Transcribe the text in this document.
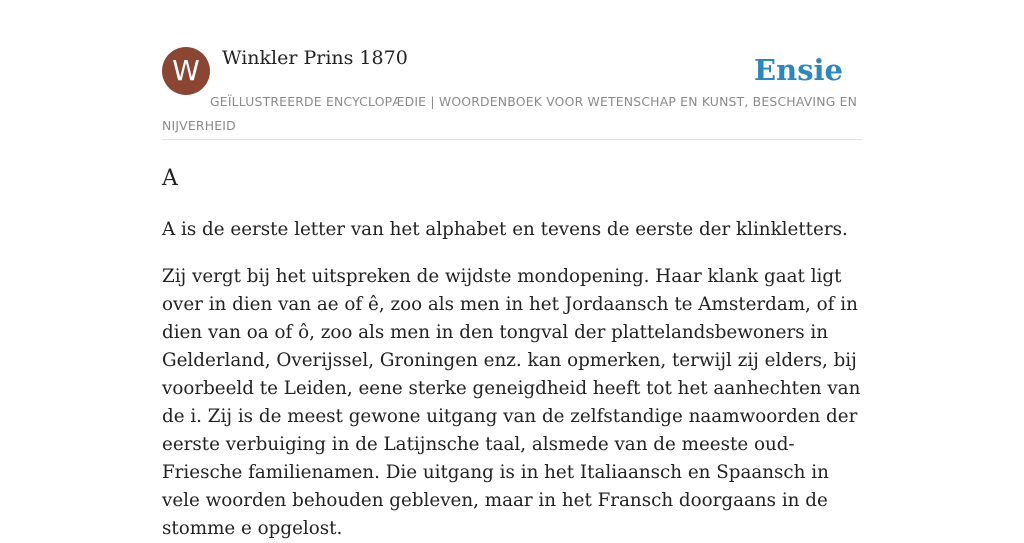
W	Winkler Prins 1870	Ensie
GEÏLLUSTREERDE ENCYCLOPÆDIE | WOORDENBOEK VOOR WETENSCHAP EN KUNST, BESCHAVING EN NIJVERHEID
A

A is de eerste letter van het alphabet en tevens de eerste der klinkletters.

Zij vergt bij het uitspreken de wijdste mondopening. Haar klank gaat ligt over in dien van ae of ê, zoo als men in het Jordaansch te Amsterdam, of in dien van oa of ô, zoo als men in den tongval der plattelandsbewoners in Gelderland, Overijssel, Groningen enz. kan opmerken, terwijl zij elders, bij voorbeeld te Leiden, eene sterke geneigdheid heeft tot het aanhechten van de i. Zij is de meest gewone uitgang van de zelfstandige naamwoorden der eerste verbuiging in de Latijnsche taal, alsmede van de meeste oud-Friesche familienamen. Die uitgang is in het Italiaansch en Spaansch in vele woorden behouden gebleven, maar in het Fransch doorgaans in de stomme e opgelost.
